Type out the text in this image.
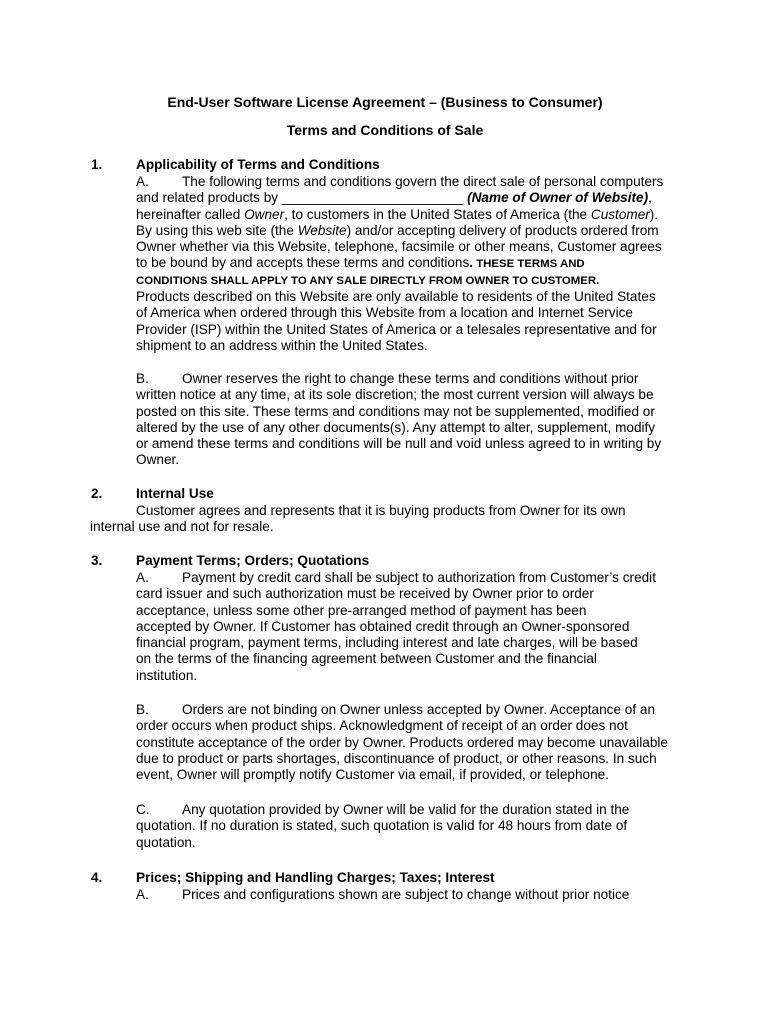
End-User Software License Agreement – (Business to Consumer)
Terms and Conditions of Sale
1. Applicability of Terms and Conditions
A. The following terms and conditions govern the direct sale of personal computers
and related products by ________________________ (Name of Owner of Website),
hereinafter called Owner, to customers in the United States of America (the Customer).
By using this web site (the Website) and/or accepting delivery of products ordered from
Owner whether via this Website, telephone, facsimile or other means, Customer agrees
to be bound by and accepts these terms and conditions. THESE TERMS AND
CONDITIONS SHALL APPLY TO ANY SALE DIRECTLY FROM OWNER TO CUSTOMER.
Products described on this Website are only available to residents of the United States
of America when ordered through this Website from a location and Internet Service
Provider (ISP) within the United States of America or a telesales representative and for
shipment to an address within the United States.
B. Owner reserves the right to change these terms and conditions without prior
written notice at any time, at its sole discretion; the most current version will always be
posted on this site. These terms and conditions may not be supplemented, modified or
altered by the use of any other documents(s). Any attempt to alter, supplement, modify
or amend these terms and conditions will be null and void unless agreed to in writing by
Owner.
2. Internal Use
Customer agrees and represents that it is buying products from Owner for its own
internal use and not for resale.
3. Payment Terms; Orders; Quotations
A. Payment by credit card shall be subject to authorization from Customer’s credit
card issuer and such authorization must be received by Owner prior to order
acceptance, unless some other pre-arranged method of payment has been
accepted by Owner. If Customer has obtained credit through an Owner-sponsored
financial program, payment terms, including interest and late charges, will be based
on the terms of the financing agreement between Customer and the financial
institution.
B. Orders are not binding on Owner unless accepted by Owner. Acceptance of an
order occurs when product ships. Acknowledgment of receipt of an order does not
constitute acceptance of the order by Owner. Products ordered may become unavailable
due to product or parts shortages, discontinuance of product, or other reasons. In such
event, Owner will promptly notify Customer via email, if provided, or telephone.
C. Any quotation provided by Owner will be valid for the duration stated in the
quotation. If no duration is stated, such quotation is valid for 48 hours from date of
quotation.
4. Prices; Shipping and Handling Charges; Taxes; Interest
A. Prices and configurations shown are subject to change without prior notice
